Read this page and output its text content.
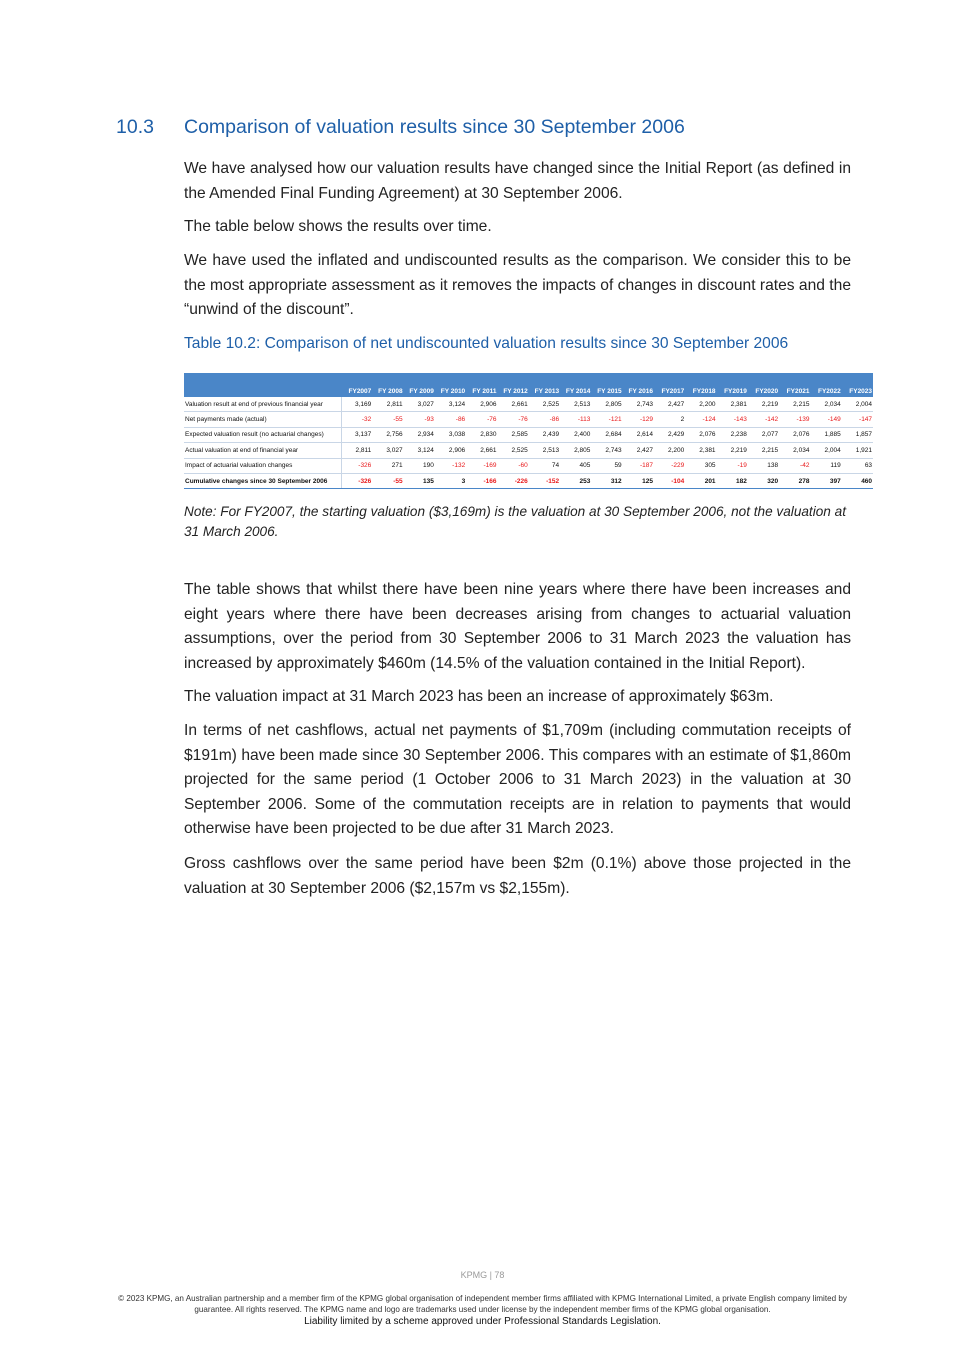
10.3 Comparison of valuation results since 30 September 2006

We have analysed how our valuation results have changed since the Initial Report (as defined in the Amended Final Funding Agreement) at 30 September 2006.

The table below shows the results over time.

We have used the inflated and undiscounted results as the comparison. We consider this to be the most appropriate assessment as it removes the impacts of changes in discount rates and the “unwind of the discount”.

Table 10.2: Comparison of net undiscounted valuation results since 30 September 2006

	FY2007	FY 2008	FY 2009	FY 2010	FY 2011	FY 2012	FY 2013	FY 2014	FY 2015	FY 2016	FY2017	FY2018	FY2019	FY2020	FY2021	FY2022	FY2023
Valuation result at end of previous financial year	3,169	2,811	3,027	3,124	2,906	2,661	2,525	2,513	2,805	2,743	2,427	2,200	2,381	2,219	2,215	2,034	2,004
Net payments made (actual)	-32	-55	-93	-86	-76	-76	-86	-113	-121	-129	2	-124	-143	-142	-139	-149	-147
Expected valuation result (no actuarial changes)	3,137	2,756	2,934	3,038	2,830	2,585	2,439	2,400	2,684	2,614	2,429	2,076	2,238	2,077	2,076	1,885	1,857
Actual valuation at end of financial year	2,811	3,027	3,124	2,906	2,661	2,525	2,513	2,805	2,743	2,427	2,200	2,381	2,219	2,215	2,034	2,004	1,921
Impact of actuarial valuation changes	-326	271	190	-132	-169	-60	74	405	59	-187	-229	305	-19	138	-42	119	63
Cumulative changes since 30 September 2006	-326	-55	135	3	-166	-226	-152	253	312	125	-104	201	182	320	278	397	460

Note: For FY2007, the starting valuation ($3,169m) is the valuation at 30 September 2006, not the valuation at 31 March 2006.

The table shows that whilst there have been nine years where there have been increases and eight years where there have been decreases arising from changes to actuarial valuation assumptions, over the period from 30 September 2006 to 31 March 2023 the valuation has increased by approximately $460m (14.5% of the valuation contained in the Initial Report).

The valuation impact at 31 March 2023 has been an increase of approximately $63m.

In terms of net cashflows, actual net payments of $1,709m (including commutation receipts of $191m) have been made since 30 September 2006. This compares with an estimate of $1,860m projected for the same period (1 October 2006 to 31 March 2023) in the valuation at 30 September 2006. Some of the commutation receipts are in relation to payments that would otherwise have been projected to be due after 31 March 2023.

Gross cashflows over the same period have been $2m (0.1%) above those projected in the valuation at 30 September 2006 ($2,157m vs $2,155m).

KPMG | 78
© 2023 KPMG, an Australian partnership and a member firm of the KPMG global organisation of independent member firms affiliated with KPMG International Limited, a private English company limited by guarantee. All rights reserved. The KPMG name and logo are trademarks used under license by the independent member firms of the KPMG global organisation.
Liability limited by a scheme approved under Professional Standards Legislation.
